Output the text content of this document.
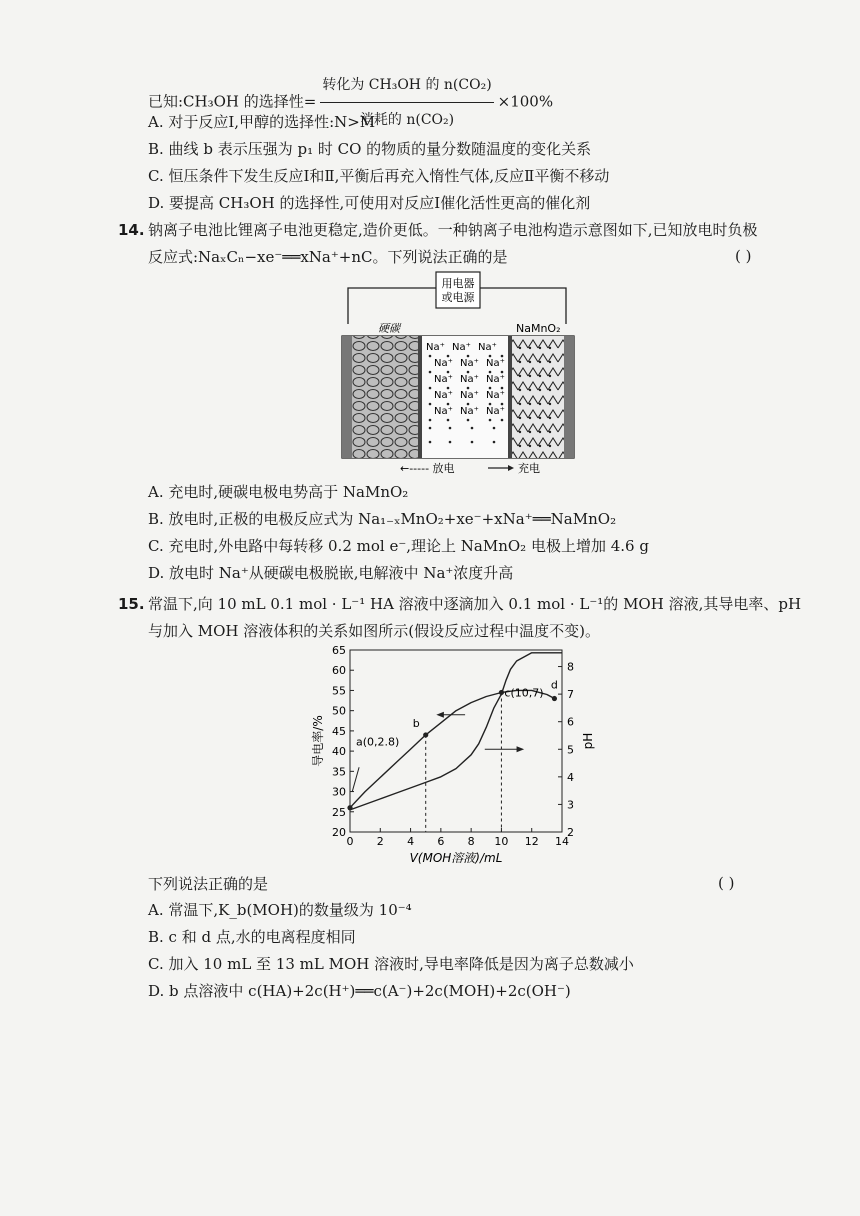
已知:CH₃OH 的选择性= $\frac{\text{转化为 CH₃OH 的 n(CO₂)}}{\text{消耗的 n(CO₂)}} \times 100\%$
A. 对于反应Ⅰ,甲醇的选择性:N>M
B. 曲线 b 表示压强为 p₁ 时 CO 的物质的量分数随温度的变化关系
C. 恒压条件下发生反应Ⅰ和Ⅱ,平衡后再充入惰性气体,反应Ⅱ平衡不移动
D. 要提高 CH₃OH 的选择性,可使用对反应Ⅰ催化活性更高的催化剂
14. 钠离子电池比锂离子电池更稳定,造价更低。一种钠离子电池构造示意图如下,已知放电时负极
反应式:NaₓCₙ−xe⁻══xNa⁺+nC。下列说法正确的是	( )
用电器
或电源
硬碳	NaMnO₂
Na⁺ Na⁺ Na⁺
Na⁺ Na⁺ Na⁺
Na⁺ Na⁺ Na⁺
Na⁺ Na⁺ Na⁺
Na⁺ Na⁺ Na⁺
←----- 放电	充电
A. 充电时,硬碳电极电势高于 NaMnO₂
B. 放电时,正极的电极反应式为 Na₁₋ₓMnO₂+xe⁻+xNa⁺══NaMnO₂
C. 充电时,外电路中每转移 0.2 mol e⁻,理论上 NaMnO₂ 电极上增加 4.6 g
D. 放电时 Na⁺从硬碳电极脱嵌,电解液中 Na⁺浓度升高
15. 常温下,向 10 mL 0.1 mol · L⁻¹ HA 溶液中逐滴加入 0.1 mol · L⁻¹的 MOH 溶液,其导电率、pH
与加入 MOH 溶液体积的关系如图所示(假设反应过程中温度不变)。
0 2 4 6 8 10 12 14
20
25
30
35
40
45
50
55
60
65
2
3
4
5
6
7
8
V(MOH溶液)/mL
导电率/%	pH
a(0,2.8)
b
c(10,7)
d
下列说法正确的是	( )
A. 常温下,K_b(MOH)的数量级为 10⁻⁴
B. c 和 d 点,水的电离程度相同
C. 加入 10 mL 至 13 mL MOH 溶液时,导电率降低是因为离子总数减小
D. b 点溶液中 c(HA)+2c(H⁺)══c(A⁻)+2c(MOH)+2c(OH⁻)
